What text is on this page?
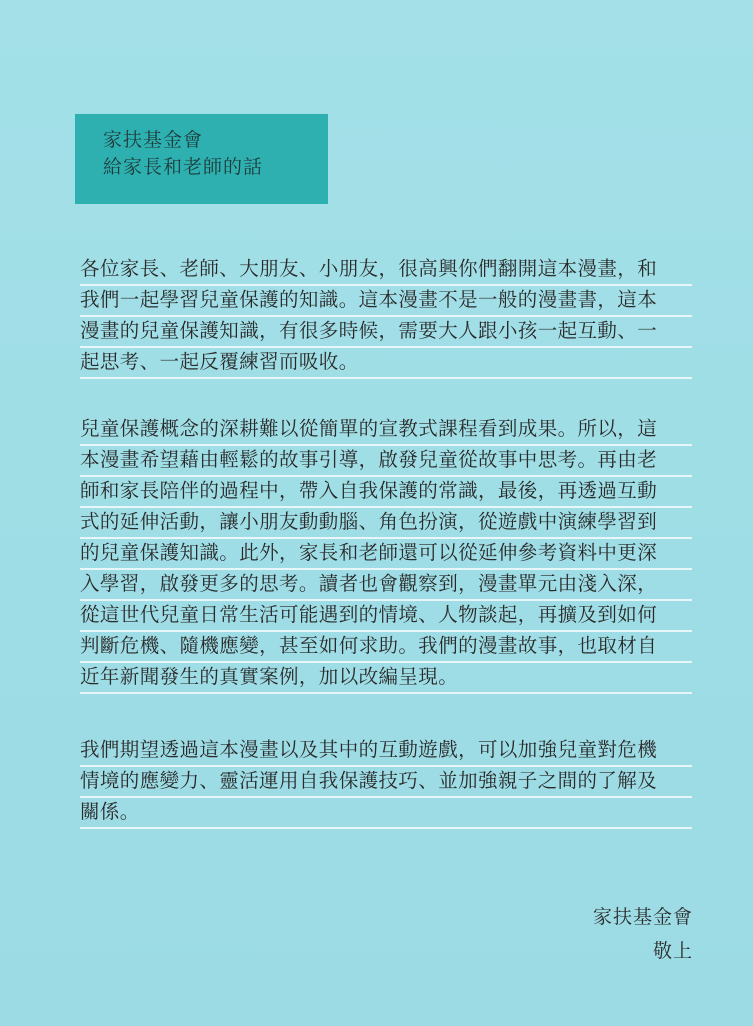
家扶基金會
給家長和老師的話
各位家長、老師、大朋友、小朋友，很高興你們翻開這本漫畫，和
我們一起學習兒童保護的知識。這本漫畫不是一般的漫畫書，這本
漫畫的兒童保護知識，有很多時候，需要大人跟小孩一起互動、一
起思考、一起反覆練習而吸收。
兒童保護概念的深耕難以從簡單的宣教式課程看到成果。所以，這
本漫畫希望藉由輕鬆的故事引導，啟發兒童從故事中思考。再由老
師和家長陪伴的過程中，帶入自我保護的常識，最後，再透過互動
式的延伸活動，讓小朋友動動腦、角色扮演，從遊戲中演練學習到
的兒童保護知識。此外，家長和老師還可以從延伸參考資料中更深
入學習，啟發更多的思考。讀者也會觀察到，漫畫單元由淺入深，
從這世代兒童日常生活可能遇到的情境、人物談起，再擴及到如何
判斷危機、隨機應變，甚至如何求助。我們的漫畫故事，也取材自
近年新聞發生的真實案例，加以改編呈現。
我們期望透過這本漫畫以及其中的互動遊戲，可以加強兒童對危機
情境的應變力、靈活運用自我保護技巧、並加強親子之間的了解及
關係。
家扶基金會
敬上
